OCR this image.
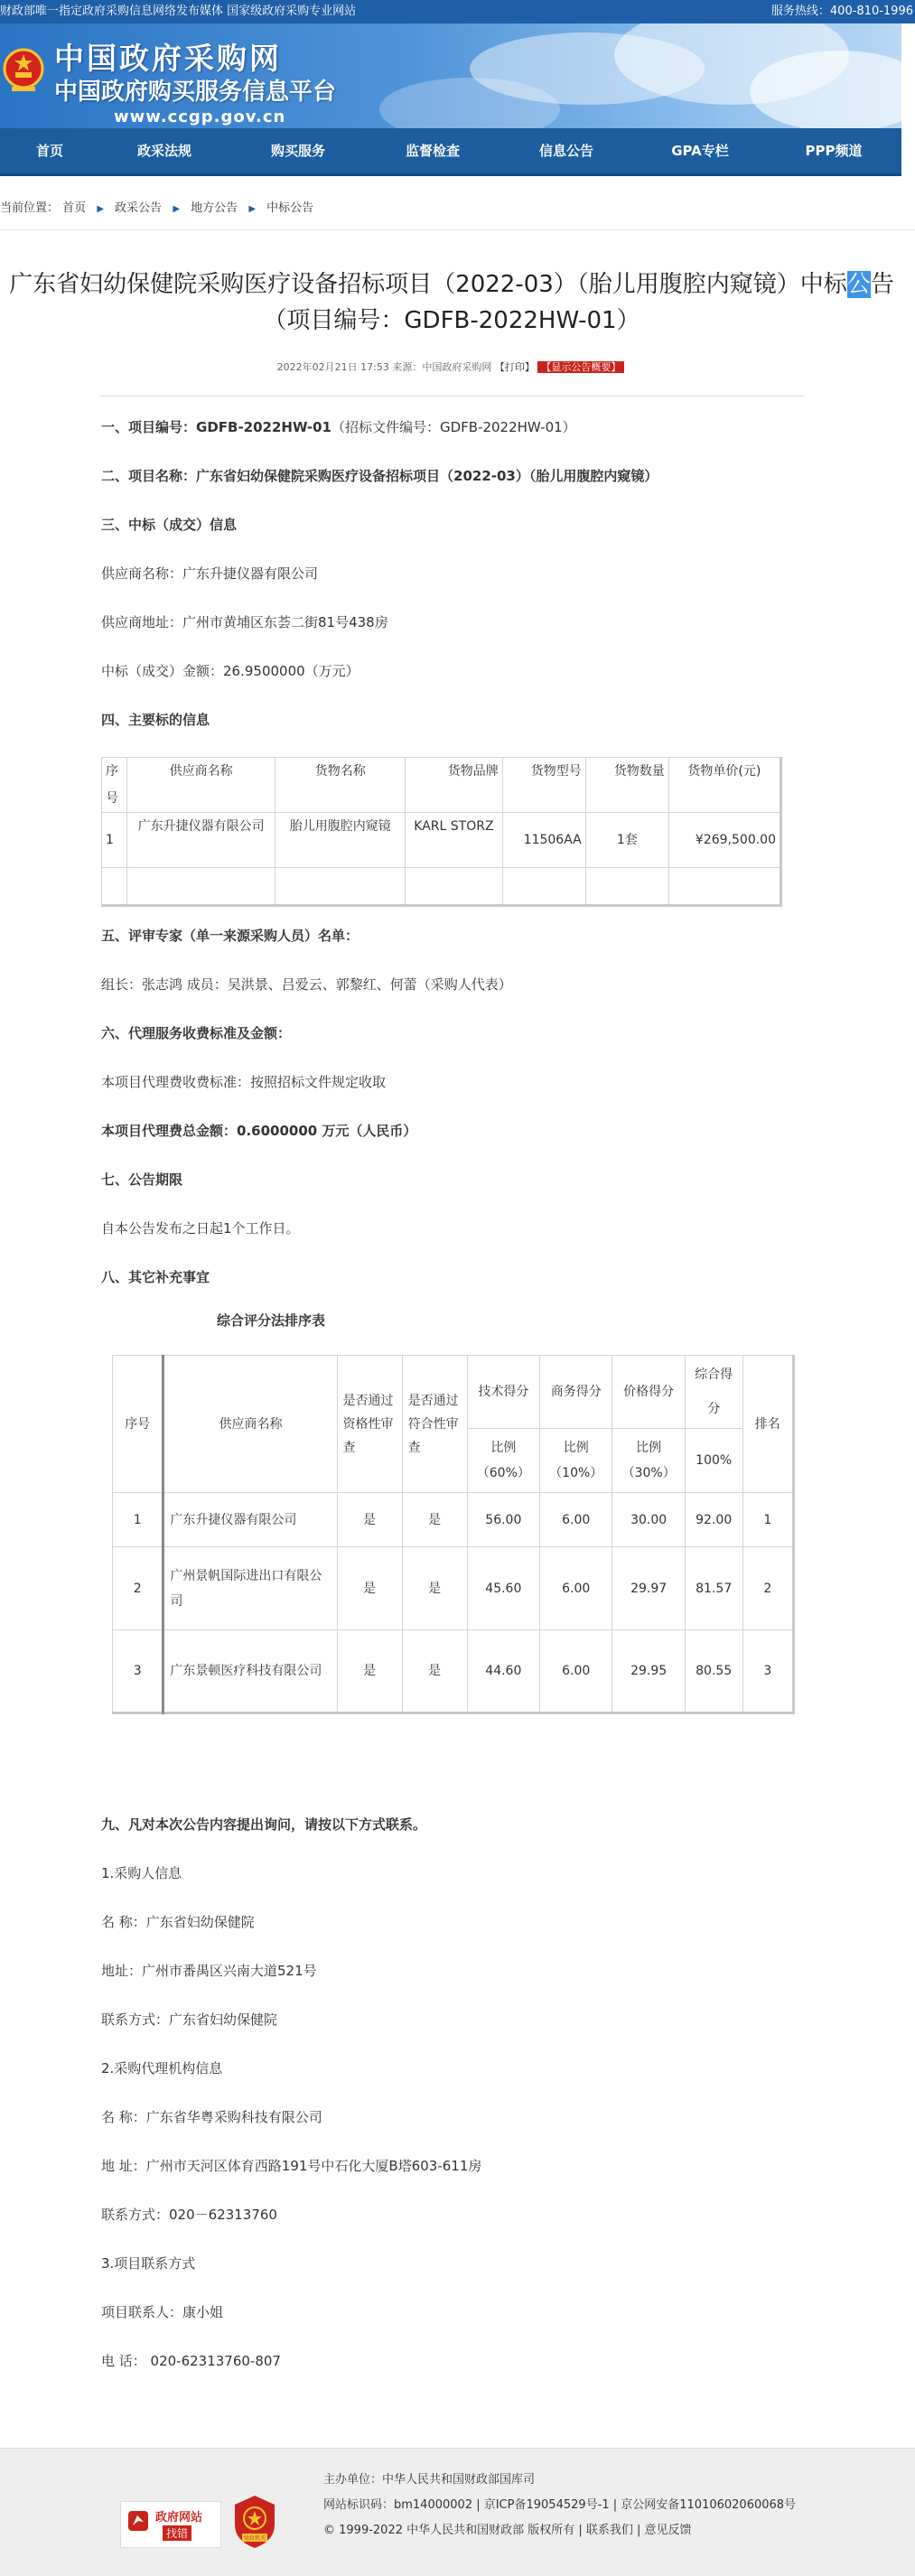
财政部唯一指定政府采购信息网络发布媒体 国家级政府采购专业网站	服务热线：400-810-1996
中国政府采购网
中国政府购买服务信息平台
www.ccgp.gov.cn
首页	政采法规	购买服务	监督检查	信息公告	GPA专栏	PPP频道
当前位置： 首页 ▶ 政采公告 ▶ 地方公告 ▶ 中标公告
广东省妇幼保健院采购医疗设备招标项目（2022-03）（胎儿用腹腔内窥镜）中标公告（项目编号：GDFB-2022HW-01）
2022年02月21日 17:53 来源：中国政府采购网 【打印】 【显示公告概要】
一、项目编号：GDFB-2022HW-01（招标文件编号：GDFB-2022HW-01）
二、项目名称：广东省妇幼保健院采购医疗设备招标项目（2022-03）（胎儿用腹腔内窥镜）
三、中标（成交）信息
供应商名称：广东升捷仪器有限公司
供应商地址：广州市黄埔区东荟二街81号438房
中标（成交）金额：26.9500000（万元）
四、主要标的信息
序号	供应商名称	货物名称	货物品牌	货物型号	货物数量	货物单价(元)
1	广东升捷仪器有限公司	胎儿用腹腔内窥镜	KARL STORZ	11506AA	1套	¥269,500.00

五、评审专家（单一来源采购人员）名单：
组长：张志鸿 成员：吴洪景、吕爱云、郭黎红、何蕾（采购人代表）
六、代理服务收费标准及金额：
本项目代理费收费标准：按照招标文件规定收取
本项目代理费总金额：0.6000000 万元（人民币）
七、公告期限
自本公告发布之日起1个工作日。
八、其它补充事宜
综合评分法排序表
序号	供应商名称	是否通过资格性审查	是否通过符合性审查	技术得分	商务得分	价格得分	综合得分	排名
				比例（60%）	比例（10%）	比例（30%）	100%	
1	广东升捷仪器有限公司	是	是	56.00	6.00	30.00	92.00	1
2	广州景帆国际进出口有限公司	是	是	45.60	6.00	29.97	81.57	2
3	广东景顿医疗科技有限公司	是	是	44.60	6.00	29.95	80.55	3
九、凡对本次公告内容提出询问，请按以下方式联系。
1.采购人信息
名 称：广东省妇幼保健院
地址：广州市番禺区兴南大道521号
联系方式：广东省妇幼保健院
2.采购代理机构信息
名 称：广东省华粤采购科技有限公司
地 址：广州市天河区体育西路191号中石化大厦B塔603-611房
联系方式：020－62313760
3.项目联系方式
项目联系人：康小姐
电 话： 020-62313760-807
政府网站
找错	党政机关
主办单位：中华人民共和国财政部国库司
网站标识码：bm14000002 | 京ICP备19054529号-1 | 京公网安备11010602060068号
© 1999-2022 中华人民共和国财政部 版权所有 | 联系我们 | 意见反馈
